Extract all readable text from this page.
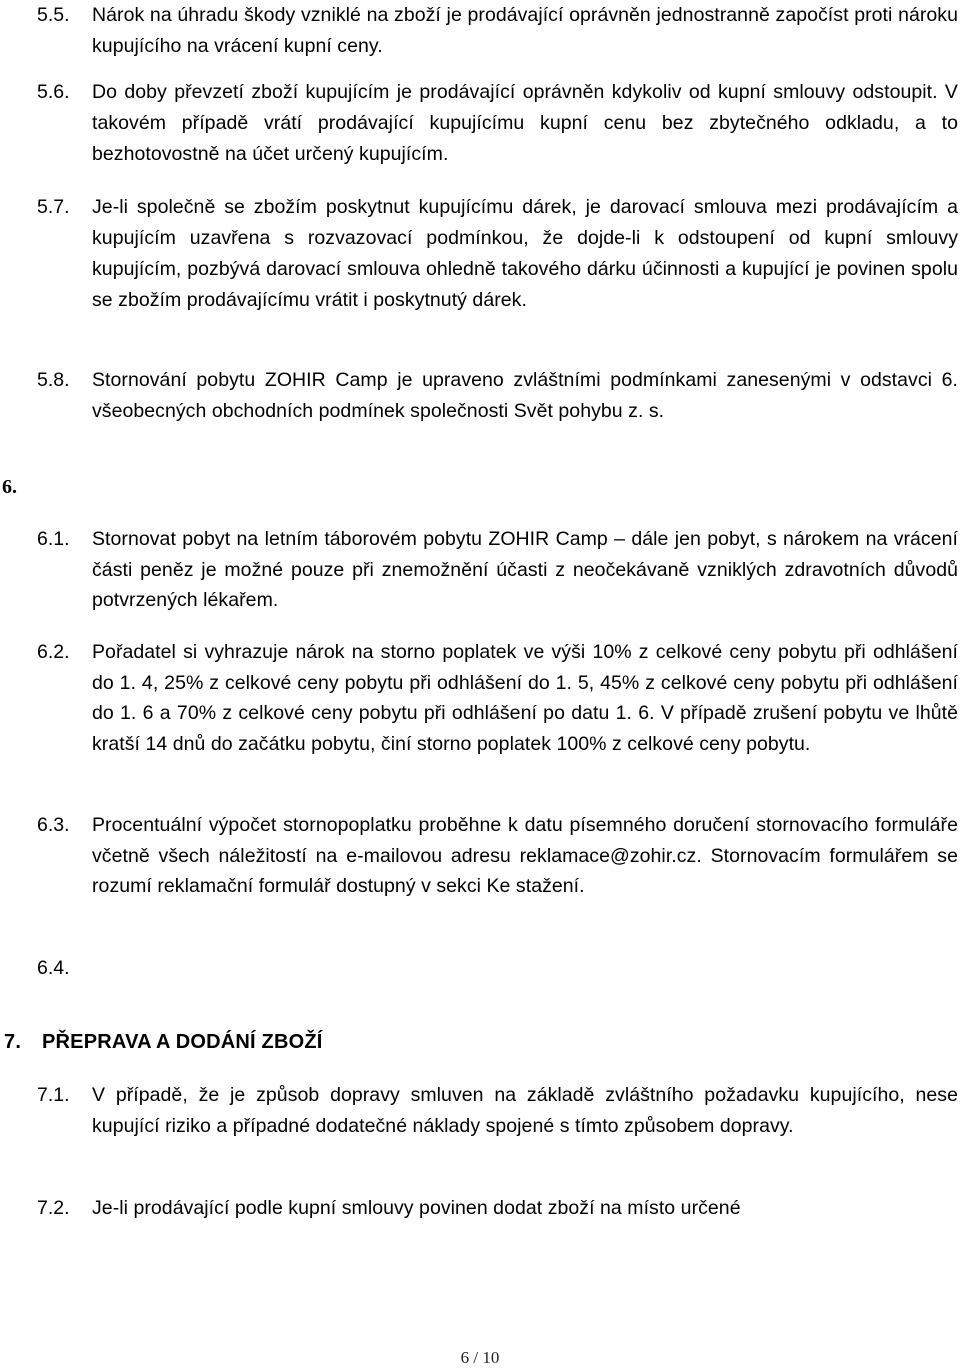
5.5. Nárok na úhradu škody vzniklé na zboží je prodávající oprávněn jednostranně započíst proti nároku kupujícího na vrácení kupní ceny.
5.6. Do doby převzetí zboží kupujícím je prodávající oprávněn kdykoliv od kupní smlouvy odstoupit. V takovém případě vrátí prodávající kupujícímu kupní cenu bez zbytečného odkladu, a to bezhotovostně na účet určený kupujícím.
5.7. Je-li společně se zbožím poskytnut kupujícímu dárek, je darovací smlouva mezi prodávajícím a kupujícím uzavřena s rozvazovací podmínkou, že dojde-li k odstoupení od kupní smlouvy kupujícím, pozbývá darovací smlouva ohledně takového dárku účinnosti a kupující je povinen spolu se zbožím prodávajícímu vrátit i poskytnutý dárek.
5.8. Stornování pobytu ZOHIR Camp je upraveno zvláštními podmínkami zanesenými v odstavci 6. všeobecných obchodních podmínek společnosti Svět pohybu z. s.
6.
6.1. Stornovat pobyt na letním táborovém pobytu ZOHIR Camp – dále jen pobyt, s nárokem na vrácení části peněz je možné pouze při znemožnění účasti z neočekávaně vzniklých zdravotních důvodů potvrzených lékařem.
6.2. Pořadatel si vyhrazuje nárok na storno poplatek ve výši 10% z celkové ceny pobytu při odhlášení do 1. 4, 25% z celkové ceny pobytu při odhlášení do 1. 5, 45% z celkové ceny pobytu při odhlášení do 1. 6 a 70% z celkové ceny pobytu při odhlášení po datu 1. 6. V případě zrušení pobytu ve lhůtě kratší 14 dnů do začátku pobytu, činí storno poplatek 100% z celkové ceny pobytu.
6.3. Procentuální výpočet stornopoplatku proběhne k datu písemného doručení stornovacího formuláře včetně všech náležitostí na e-mailovou adresu reklamace@zohir.cz. Stornovacím formulářem se rozumí reklamační formulář dostupný v sekci Ke stažení.
6.4.
7. PŘEPRAVA A DODÁNÍ ZBOŽÍ
7.1. V případě, že je způsob dopravy smluven na základě zvláštního požadavku kupujícího, nese kupující riziko a případné dodatečné náklady spojené s tímto způsobem dopravy.
7.2. Je-li prodávající podle kupní smlouvy povinen dodat zboží na místo určené
6 / 10
